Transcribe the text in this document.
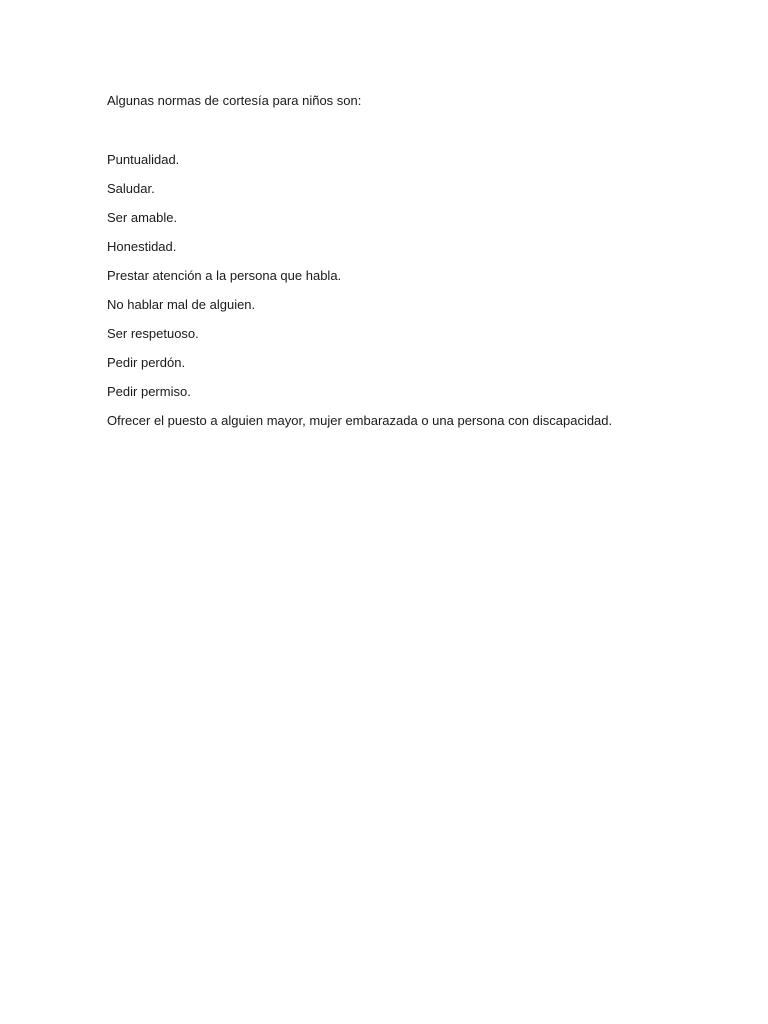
Algunas normas de cortesía para niños son:

Puntualidad.
Saludar.
Ser amable.
Honestidad.
Prestar atención a la persona que habla.
No hablar mal de alguien.
Ser respetuoso.
Pedir perdón.
Pedir permiso.
Ofrecer el puesto a alguien mayor, mujer embarazada o una persona con discapacidad.
